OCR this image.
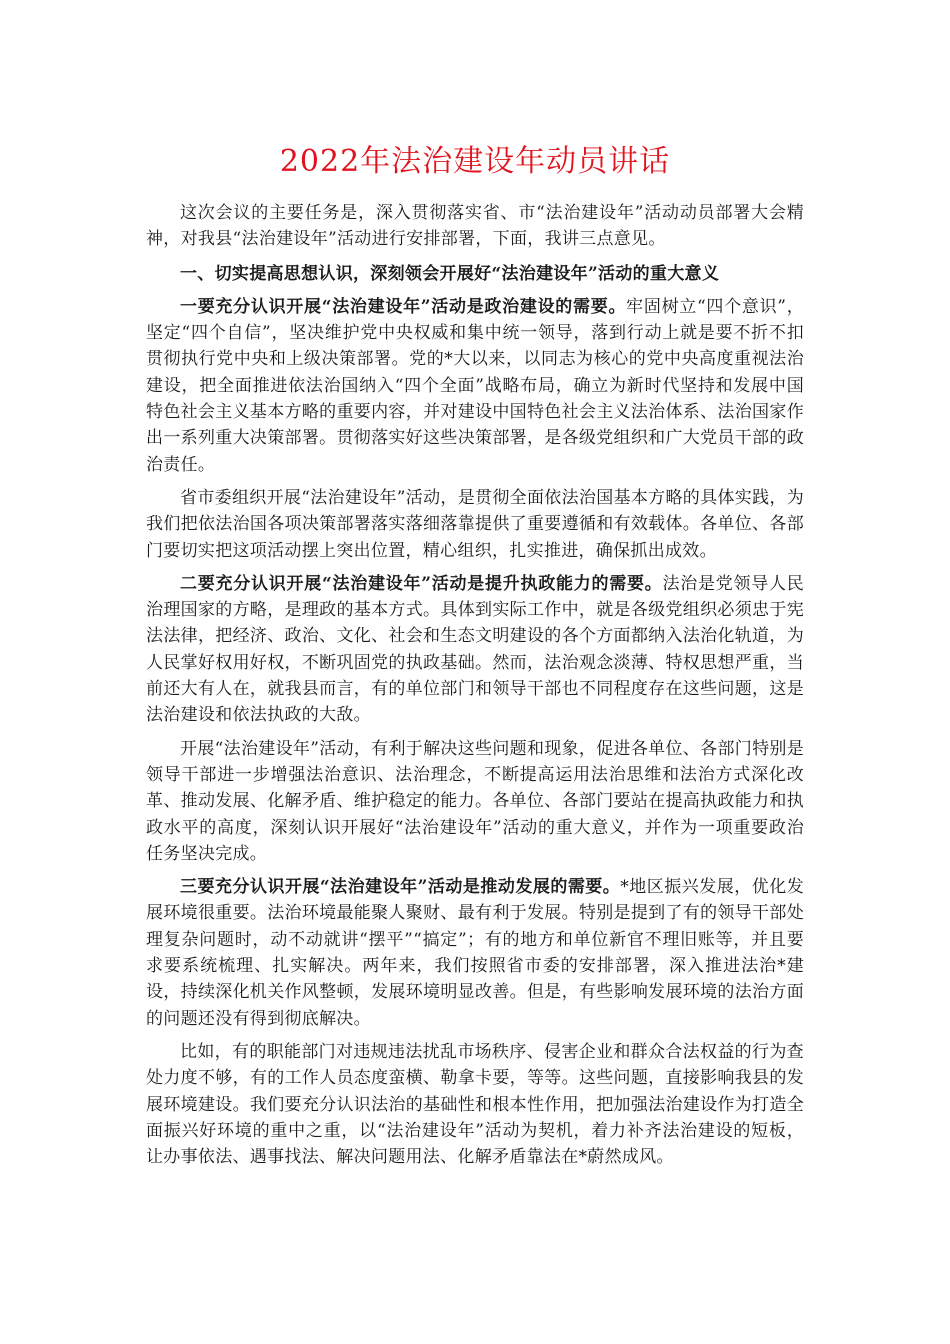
2022年法治建设年动员讲话

这次会议的主要任务是，深入贯彻落实省、市“法治建设年”活动动员部署大会精神，对我县“法治建设年”活动进行安排部署，下面，我讲三点意见。

一、切实提高思想认识，深刻领会开展好“法治建设年”活动的重大意义

一要充分认识开展“法治建设年”活动是政治建设的需要。牢固树立“四个意识”，坚定“四个自信”，坚决维护党中央权威和集中统一领导，落到行动上就是要不折不扣贯彻执行党中央和上级决策部署。党的*大以来，以同志为核心的党中央高度重视法治建设，把全面推进依法治国纳入“四个全面”战略布局，确立为新时代坚持和发展中国特色社会主义基本方略的重要内容，并对建设中国特色社会主义法治体系、法治国家作出一系列重大决策部署。贯彻落实好这些决策部署，是各级党组织和广大党员干部的政治责任。

省市委组织开展“法治建设年”活动，是贯彻全面依法治国基本方略的具体实践，为我们把依法治国各项决策部署落实落细落靠提供了重要遵循和有效载体。各单位、各部门要切实把这项活动摆上突出位置，精心组织，扎实推进，确保抓出成效。

二要充分认识开展“法治建设年”活动是提升执政能力的需要。法治是党领导人民治理国家的方略，是理政的基本方式。具体到实际工作中，就是各级党组织必须忠于宪法法律，把经济、政治、文化、社会和生态文明建设的各个方面都纳入法治化轨道，为人民掌好权用好权，不断巩固党的执政基础。然而，法治观念淡薄、特权思想严重，当前还大有人在，就我县而言，有的单位部门和领导干部也不同程度存在这些问题，这是法治建设和依法执政的大敌。

开展“法治建设年”活动，有利于解决这些问题和现象，促进各单位、各部门特别是领导干部进一步增强法治意识、法治理念，不断提高运用法治思维和法治方式深化改革、推动发展、化解矛盾、维护稳定的能力。各单位、各部门要站在提高执政能力和执政水平的高度，深刻认识开展好“法治建设年”活动的重大意义，并作为一项重要政治任务坚决完成。

三要充分认识开展“法治建设年”活动是推动发展的需要。*地区振兴发展，优化发展环境很重要。法治环境最能聚人聚财、最有利于发展。特别是提到了有的领导干部处理复杂问题时，动不动就讲“摆平”“搞定”；有的地方和单位新官不理旧账等，并且要求要系统梳理、扎实解决。两年来，我们按照省市委的安排部署，深入推进法治*建设，持续深化机关作风整顿，发展环境明显改善。但是，有些影响发展环境的法治方面的问题还没有得到彻底解决。

比如，有的职能部门对违规违法扰乱市场秩序、侵害企业和群众合法权益的行为查处力度不够，有的工作人员态度蛮横、勒拿卡要，等等。这些问题，直接影响我县的发展环境建设。我们要充分认识法治的基础性和根本性作用，把加强法治建设作为打造全面振兴好环境的重中之重，以“法治建设年”活动为契机，着力补齐法治建设的短板，让办事依法、遇事找法、解决问题用法、化解矛盾靠法在*蔚然成风。
